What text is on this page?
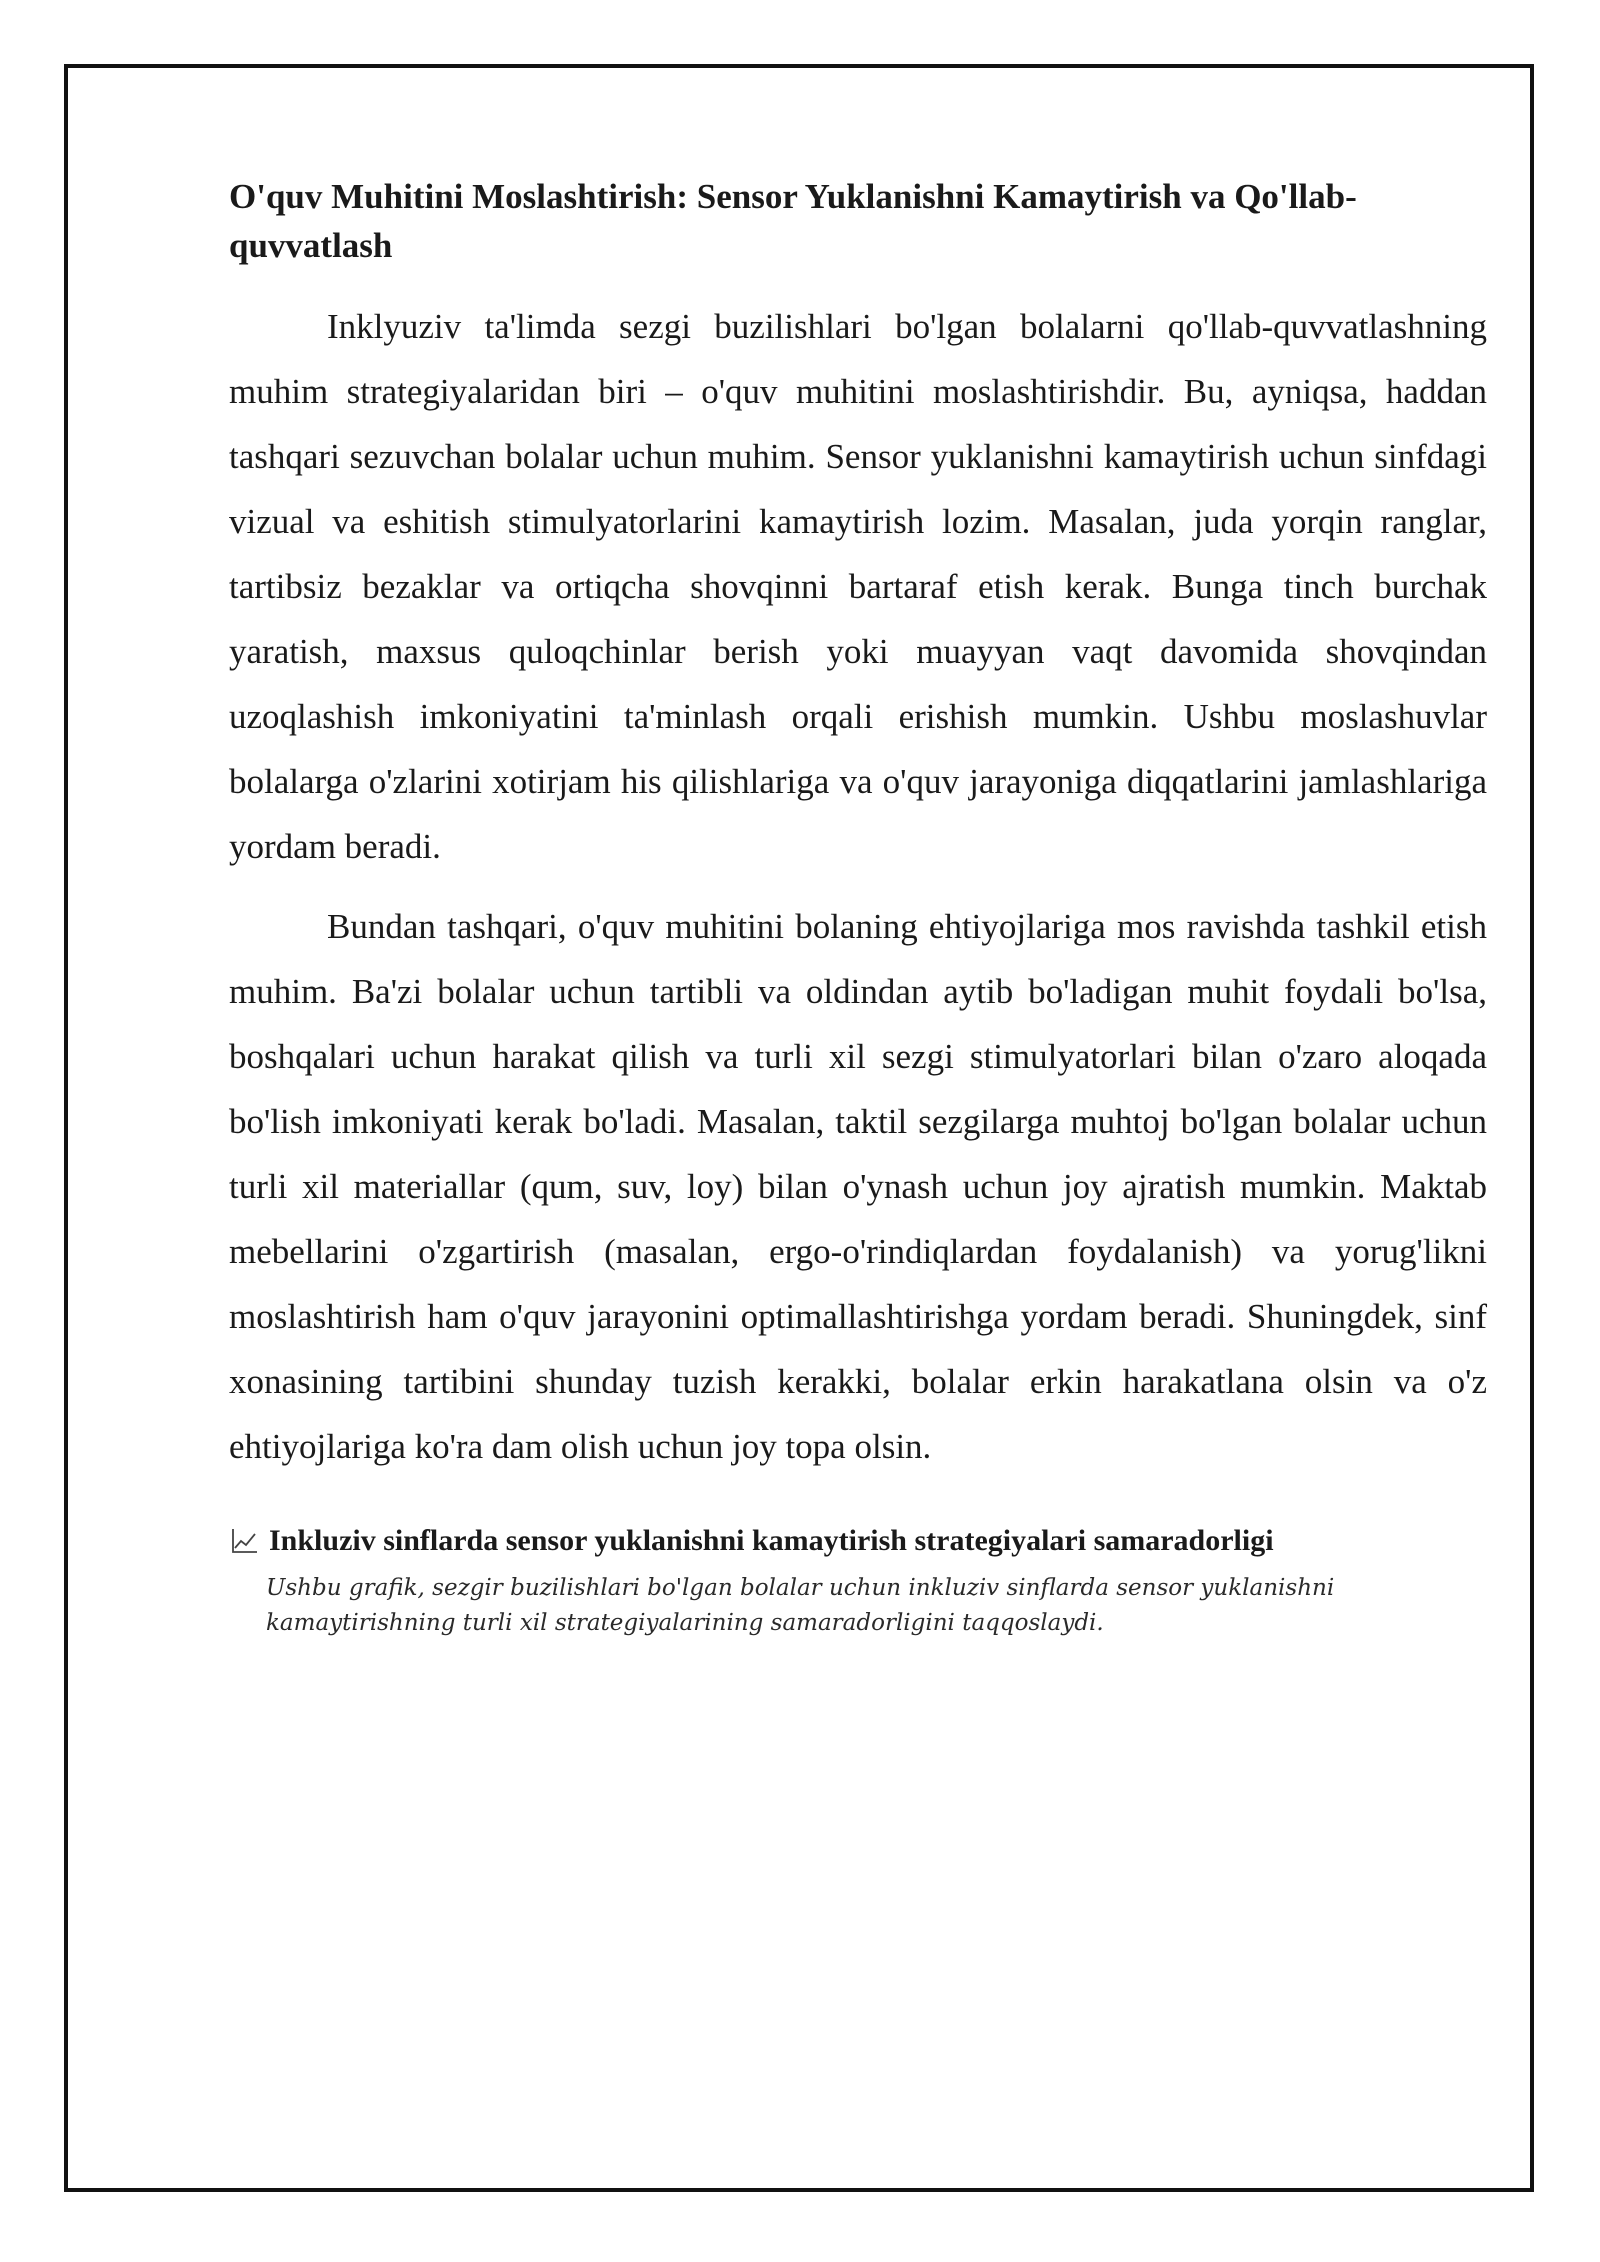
O'quv Muhitini Moslashtirish: Sensor Yuklanishni Kamaytirish va Qo'llab-quvvatlash

Inklyuziv ta'limda sezgi buzilishlari bo'lgan bolalarni qo'llab-quvvatlashning muhim strategiyalaridan biri – o'quv muhitini moslashtirishdir. Bu, ayniqsa, haddan tashqari sezuvchan bolalar uchun muhim. Sensor yuklanishni kamaytirish uchun sinfdagi vizual va eshitish stimulyatorlarini kamaytirish lozim. Masalan, juda yorqin ranglar, tartibsiz bezaklar va ortiqcha shovqinni bartaraf etish kerak. Bunga tinch burchak yaratish, maxsus quloqchinlar berish yoki muayyan vaqt davomida shovqindan uzoqlashish imkoniyatini ta'minlash orqali erishish mumkin. Ushbu moslashuvlar bolalarga o'zlarini xotirjam his qilishlariga va o'quv jarayoniga diqqatlarini jamlashlariga yordam beradi.

Bundan tashqari, o'quv muhitini bolaning ehtiyojlariga mos ravishda tashkil etish muhim. Ba'zi bolalar uchun tartibli va oldindan aytib bo'ladigan muhit foydali bo'lsa, boshqalari uchun harakat qilish va turli xil sezgi stimulyatorlari bilan o'zaro aloqada bo'lish imkoniyati kerak bo'ladi. Masalan, taktil sezgilarga muhtoj bo'lgan bolalar uchun turli xil materiallar (qum, suv, loy) bilan o'ynash uchun joy ajratish mumkin. Maktab mebellarini o'zgartirish (masalan, ergo-o'rindiqlardan foydalanish) va yorug'likni moslashtirish ham o'quv jarayonini optimallashtirishga yordam beradi. Shuningdek, sinf xonasining tartibini shunday tuzish kerakki, bolalar erkin harakatlana olsin va o'z ehtiyojlariga ko'ra dam olish uchun joy topa olsin.

Inkluziv sinflarda sensor yuklanishni kamaytirish strategiyalari samaradorligi
Ushbu grafik, sezgir buzilishlari bo'lgan bolalar uchun inkluziv sinflarda sensor yuklanishni kamaytirishning turli xil strategiyalarining samaradorligini taqqoslaydi.
